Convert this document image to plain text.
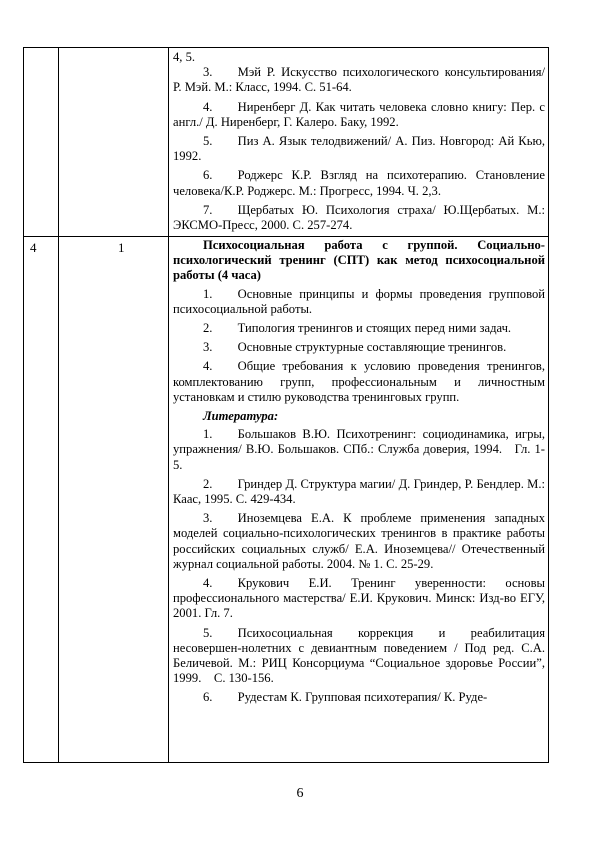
4, 5.

3.  Мэй Р. Искусство психологического консультирования/ Р. Мэй. М.: Класс, 1994. С. 51-64.

4.  Ниренберг Д. Как читать человека словно книгу: Пер. с англ./ Д. Ниренберг, Г. Калеро. Баку, 1992.

5.  Пиз А. Язык телодвижений/ А. Пиз. Новгород: Ай Кью, 1992.

6.  Роджерс К.Р. Взгляд на психотерапию. Становление человека/К.Р. Роджерс. М.: Прогресс, 1994. Ч. 2,3.

7.  Щербатых Ю. Психология страха/ Ю.Щербатых. М.: ЭКСМО-Пресс, 2000. С. 257-274.

4	1	Психосоциальная работа с группой. Социально-психологический тренинг (СПТ) как метод психосоциальной работы (4 часа)

1.  Основные принципы и формы проведения групповой психосоциальной работы.

2.  Типология тренингов и стоящих перед ними задач.

3.  Основные структурные составляющие тренингов.

4.  Общие требования к условию проведения тренингов, комплектованию групп, профессиональным и личностным установкам и стилю руководства тренинговых групп.

Литература:

1.  Большаков В.Ю. Психотренинг: социодинамика, игры, упражнения/ В.Ю. Большаков. СПб.: Служба доверия, 1994. Гл. 1-5.

2.  Гриндер Д. Структура магии/ Д. Гриндер, Р. Бендлер. М.: Каас, 1995. С. 429-434.

3.  Иноземцева Е.А. К проблеме применения западных моделей социально-психологических тренингов в практике работы российских социальных служб/ Е.А. Иноземцева// Отечественный журнал социальной работы. 2004. № 1. С. 25-29.

4.  Крукович Е.И. Тренинг уверенности: основы профессионального мастерства/ Е.И. Крукович. Минск: Изд-во ЕГУ, 2001. Гл. 7.

5.  Психосоциальная коррекция и реабилитация несовершен-нолетних с девиантным поведением / Под ред. С.А. Беличевой. М.: РИЦ Консорциума “Социальное здоровье России”, 1999. С. 130-156.

6.  Рудестам К. Групповая психотерапия/ К. Руде-

6
